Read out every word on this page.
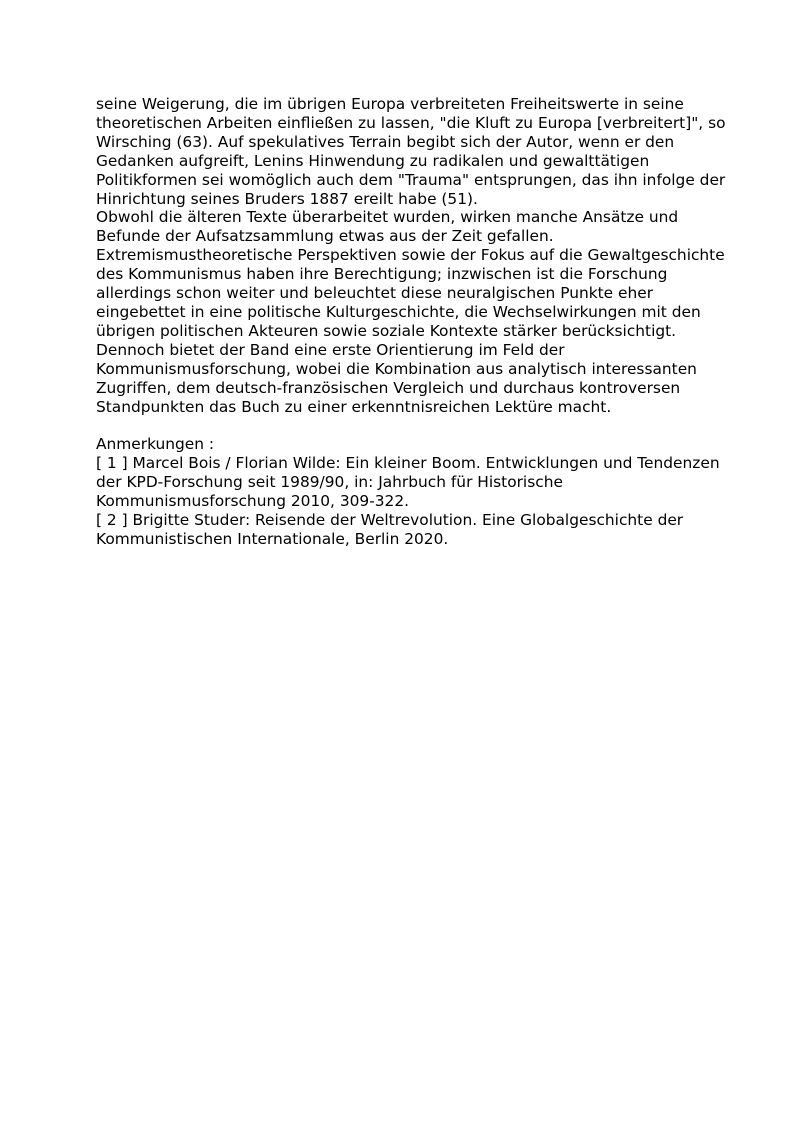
seine Weigerung, die im übrigen Europa verbreiteten Freiheitswerte in seine theoretischen Arbeiten einfließen zu lassen, "die Kluft zu Europa [verbreitert]", so Wirsching (63). Auf spekulatives Terrain begibt sich der Autor, wenn er den Gedanken aufgreift, Lenins Hinwendung zu radikalen und gewalttätigen Politikformen sei womöglich auch dem "Trauma" entsprungen, das ihn infolge der Hinrichtung seines Bruders 1887 ereilt habe (51).

Obwohl die älteren Texte überarbeitet wurden, wirken manche Ansätze und Befunde der Aufsatzsammlung etwas aus der Zeit gefallen. Extremismustheoretische Perspektiven sowie der Fokus auf die Gewaltgeschichte des Kommunismus haben ihre Berechtigung; inzwischen ist die Forschung allerdings schon weiter und beleuchtet diese neuralgischen Punkte eher eingebettet in eine politische Kulturgeschichte, die Wechselwirkungen mit den übrigen politischen Akteuren sowie soziale Kontexte stärker berücksichtigt. Dennoch bietet der Band eine erste Orientierung im Feld der Kommunismusforschung, wobei die Kombination aus analytisch interessanten Zugriffen, dem deutsch-französischen Vergleich und durchaus kontroversen Standpunkten das Buch zu einer erkenntnisreichen Lektüre macht.

Anmerkungen :

[ 1 ] Marcel Bois / Florian Wilde: Ein kleiner Boom. Entwicklungen und Tendenzen der KPD-Forschung seit 1989/90, in: Jahrbuch für Historische Kommunismusforschung 2010, 309-322.

[ 2 ] Brigitte Studer: Reisende der Weltrevolution. Eine Globalgeschichte der Kommunistischen Internationale, Berlin 2020.
